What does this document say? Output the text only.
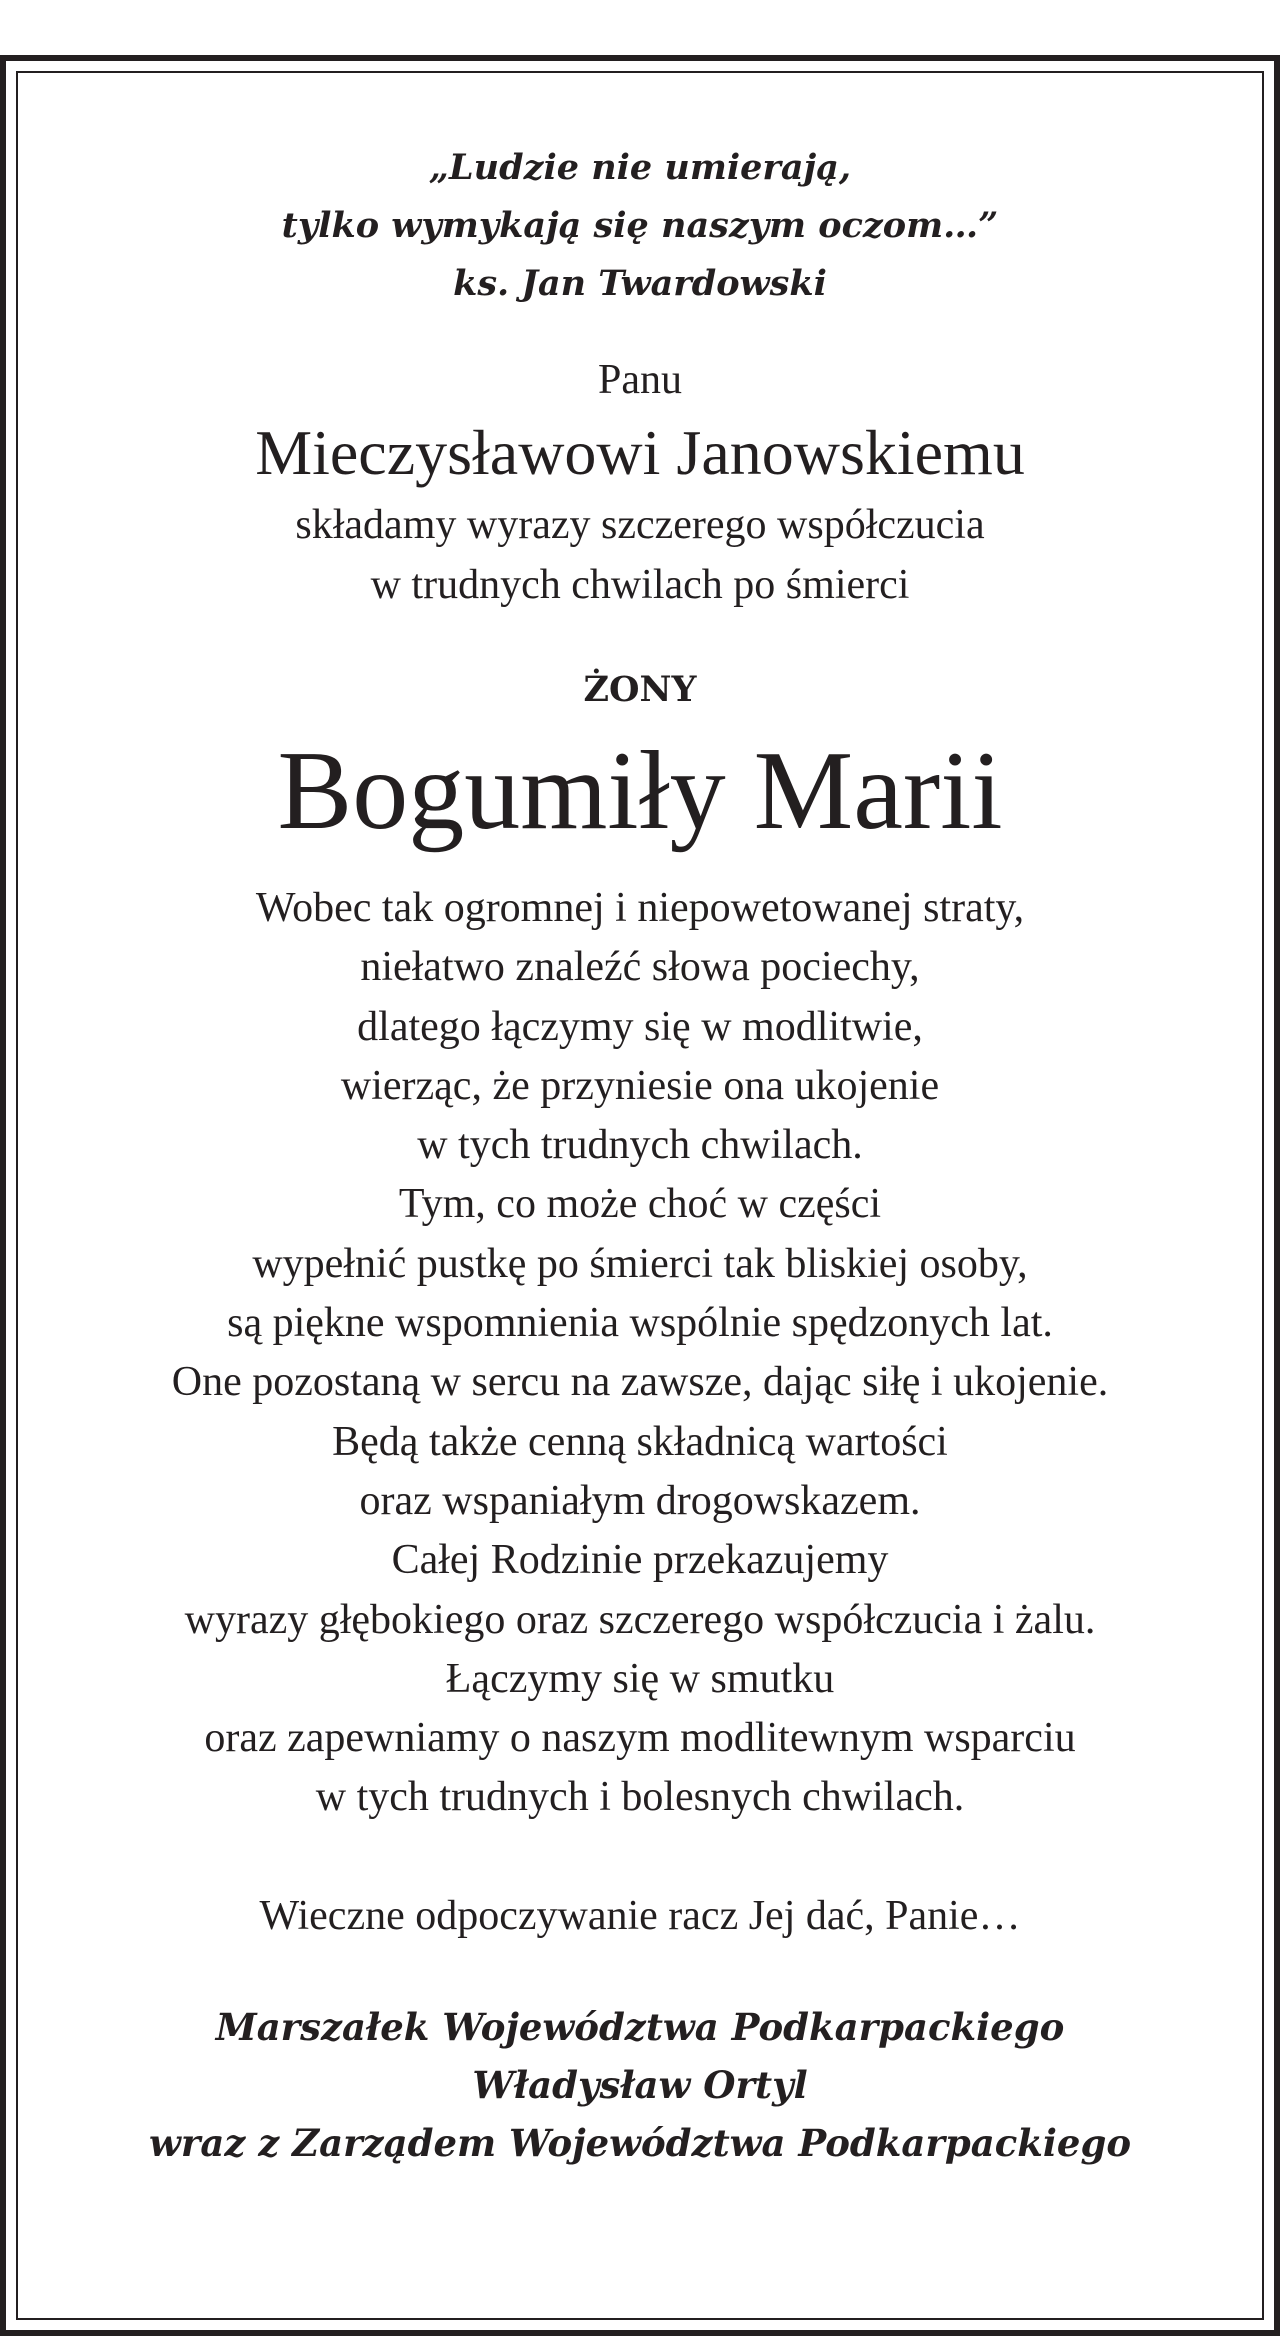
„Ludzie nie umierają,
tylko wymykają się naszym oczom…”
ks. Jan Twardowski
Panu
Mieczysławowi Janowskiemu
składamy wyrazy szczerego współczucia
w trudnych chwilach po śmierci
ŻONY
Bogumiły Marii
Wobec tak ogromnej i niepowetowanej straty,
niełatwo znaleźć słowa pociechy,
dlatego łączymy się w modlitwie,
wierząc, że przyniesie ona ukojenie
w tych trudnych chwilach.
Tym, co może choć w części
wypełnić pustkę po śmierci tak bliskiej osoby,
są piękne wspomnienia wspólnie spędzonych lat.
One pozostaną w sercu na zawsze, dając siłę i ukojenie.
Będą także cenną składnicą wartości
oraz wspaniałym drogowskazem.
Całej Rodzinie przekazujemy
wyrazy głębokiego oraz szczerego współczucia i żalu.
Łączymy się w smutku
oraz zapewniamy o naszym modlitewnym wsparciu
w tych trudnych i bolesnych chwilach.
Wieczne odpoczywanie racz Jej dać, Panie…
Marszałek Województwa Podkarpackiego
Władysław Ortyl
wraz z Zarządem Województwa Podkarpackiego
